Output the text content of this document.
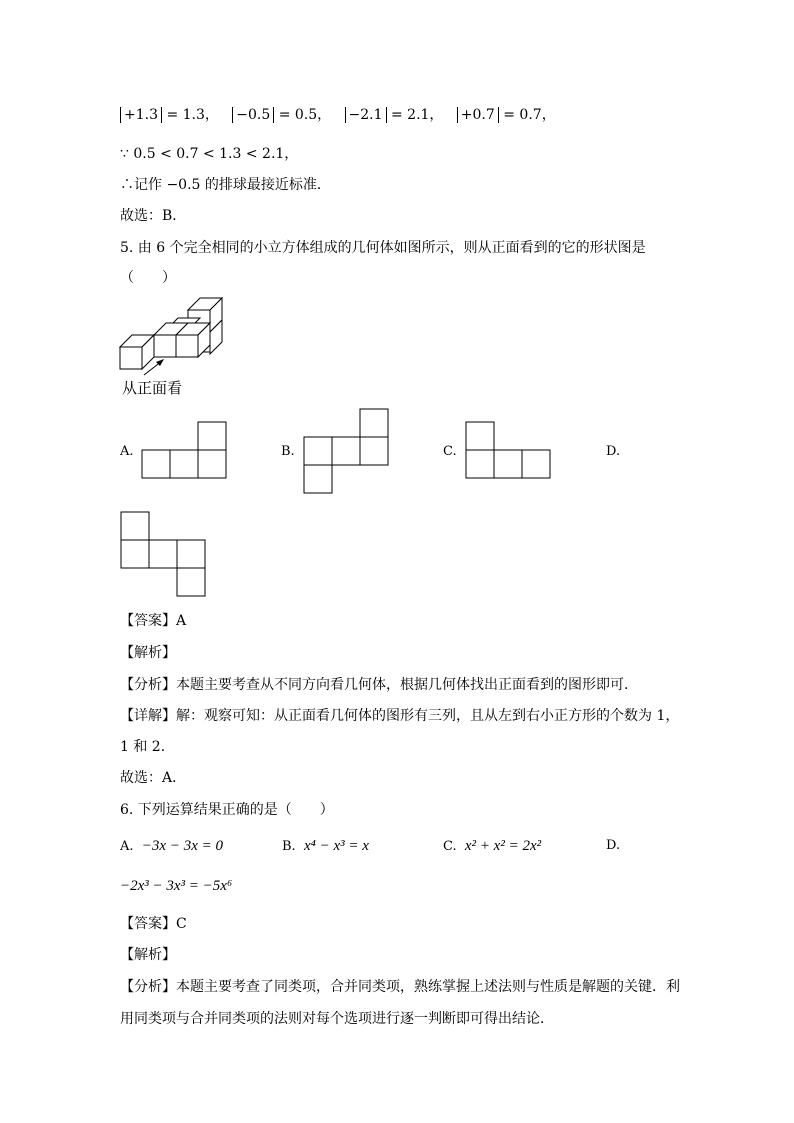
+1.3 = 1.3， −0.5 = 0.5， −2.1 = 2.1， +0.7 = 0.7，
∵ 0.5 < 0.7 < 1.3 < 2.1，
∴记作 −0.5 的排球最接近标准．
故选：B．
5. 由 6 个完全相同的小立方体组成的几何体如图所示，则从正面看到的它的形状图是
（　　）
从正面看
A.	B.	C.	D.
【答案】A
【解析】
【分析】本题主要考查从不同方向看几何体，根据几何体找出正面看到的图形即可．
【详解】解：观察可知：从正面看几何体的图形有三列，且从左到右小正方形的个数为 1，
1 和 2．
故选：A．
6. 下列运算结果正确的是（　　）
A. −3x − 3x = 0	B. x⁴ − x³ = x	C. x² + x² = 2x²	D.
−2x³ − 3x³ = −5x⁶
【答案】C
【解析】
【分析】本题主要考查了同类项，合并同类项，熟练掌握上述法则与性质是解题的关键．利
用同类项与合并同类项的法则对每个选项进行逐一判断即可得出结论．
